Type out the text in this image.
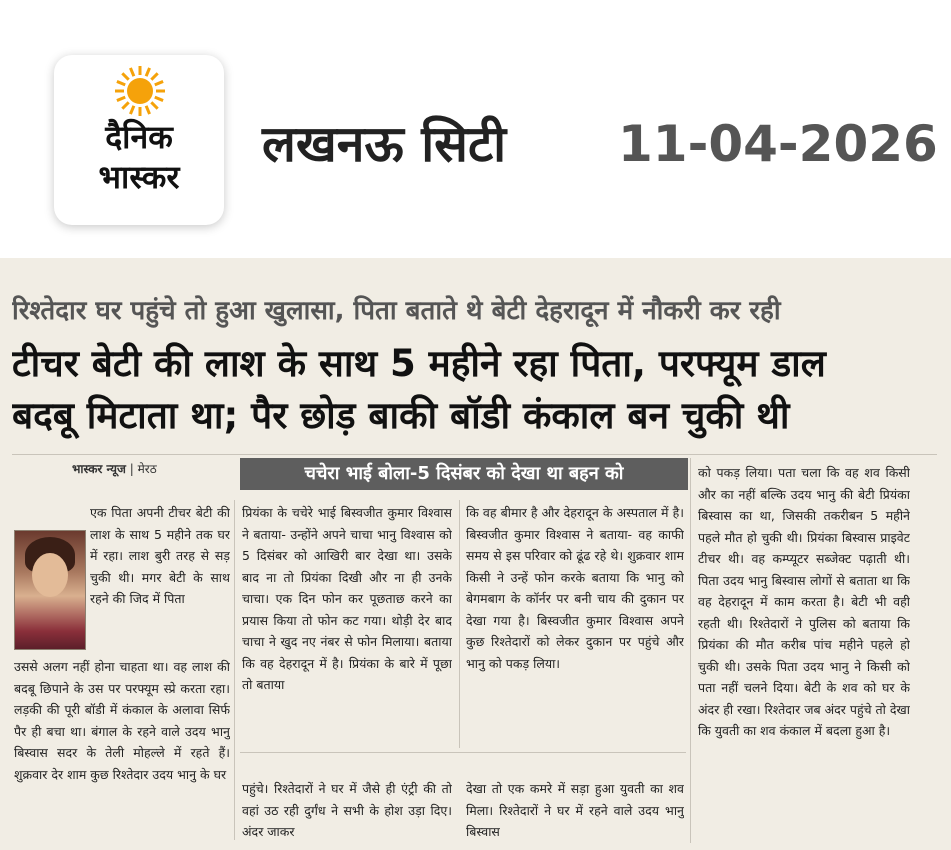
दैनिक
भास्कर
लखनऊ सिटी 11-04-2026
रिश्तेदार घर पहुंचे तो हुआ खुलासा, पिता बताते थे बेटी देहरादून में नौकरी कर रही
टीचर बेटी की लाश के साथ 5 महीने रहा पिता, परफ्यूम डाल
बदबू मिटाता था; पैर छोड़ बाकी बॉडी कंकाल बन चुकी थी
भास्कर न्यूज | मेरठ	चचेरा भाई बोला-5 दिसंबर को देखा था बहन को
एक पिता अपनी टीचर बेटी की लाश के साथ 5 महीने तक घर में रहा। लाश बुरी तरह से सड़ चुकी थी। मगर बेटी के साथ रहने की जिद में पिता
उससे अलग नहीं होना चाहता था। वह लाश की बदबू छिपाने के उस पर परफ्यूम स्प्रे करता रहा। लड़की की पूरी बॉडी में कंकाल के अलावा सिर्फ पैर ही बचा था। बंगाल के रहने वाले उदय भानु बिस्वास सदर के तेली मोहल्ले में रहते हैं। शुक्रवार देर शाम कुछ रिश्तेदार उदय भानु के घर
प्रियंका के चचेरे भाई बिस्वजीत कुमार विश्वास ने बताया- उन्होंने अपने चाचा भानु विश्वास को 5 दिसंबर को आखिरी बार देखा था। उसके बाद ना तो प्रियंका दिखी और ना ही उनके चाचा। एक दिन फोन कर पूछताछ करने का प्रयास किया तो फोन कट गया। थोड़ी देर बाद चाचा ने खुद नए नंबर से फोन मिलाया। बताया कि वह देहरादून में है। प्रियंका के बारे में पूछा तो बताया
कि वह बीमार है और देहरादून के अस्पताल में है। बिस्वजीत कुमार विश्वास ने बताया- वह काफी समय से इस परिवार को ढूंढ रहे थे। शुक्रवार शाम किसी ने उन्हें फोन करके बताया कि भानु को बेगमबाग के कॉर्नर पर बनी चाय की दुकान पर देखा गया है। बिस्वजीत कुमार विश्वास अपने कुछ रिश्तेदारों को लेकर दुकान पर पहुंचे और भानु को पकड़ लिया।
पहुंचे। रिश्तेदारों ने घर में जैसे ही एंट्री की तो वहां उठ रही दुर्गंध ने सभी के होश उड़ा दिए। अंदर जाकर
देखा तो एक कमरे में सड़ा हुआ युवती का शव मिला। रिश्तेदारों ने घर में रहने वाले उदय भानु बिस्वास
को पकड़ लिया। पता चला कि वह शव किसी और का नहीं बल्कि उदय भानु की बेटी प्रियंका बिस्वास का था, जिसकी तकरीबन 5 महीने पहले मौत हो चुकी थी। प्रियंका बिस्वास प्राइवेट टीचर थी। वह कम्प्यूटर सब्जेक्ट पढ़ाती थी। पिता उदय भानु बिस्वास लोगों से बताता था कि वह देहरादून में काम करता है। बेटी भी वही रहती थी। रिश्तेदारों ने पुलिस को बताया कि प्रियंका की मौत करीब पांच महीने पहले हो चुकी थी। उसके पिता उदय भानु ने किसी को पता नहीं चलने दिया। बेटी के शव को घर के अंदर ही रखा। रिश्तेदार जब अंदर पहुंचे तो देखा कि युवती का शव कंकाल में बदला हुआ है।
